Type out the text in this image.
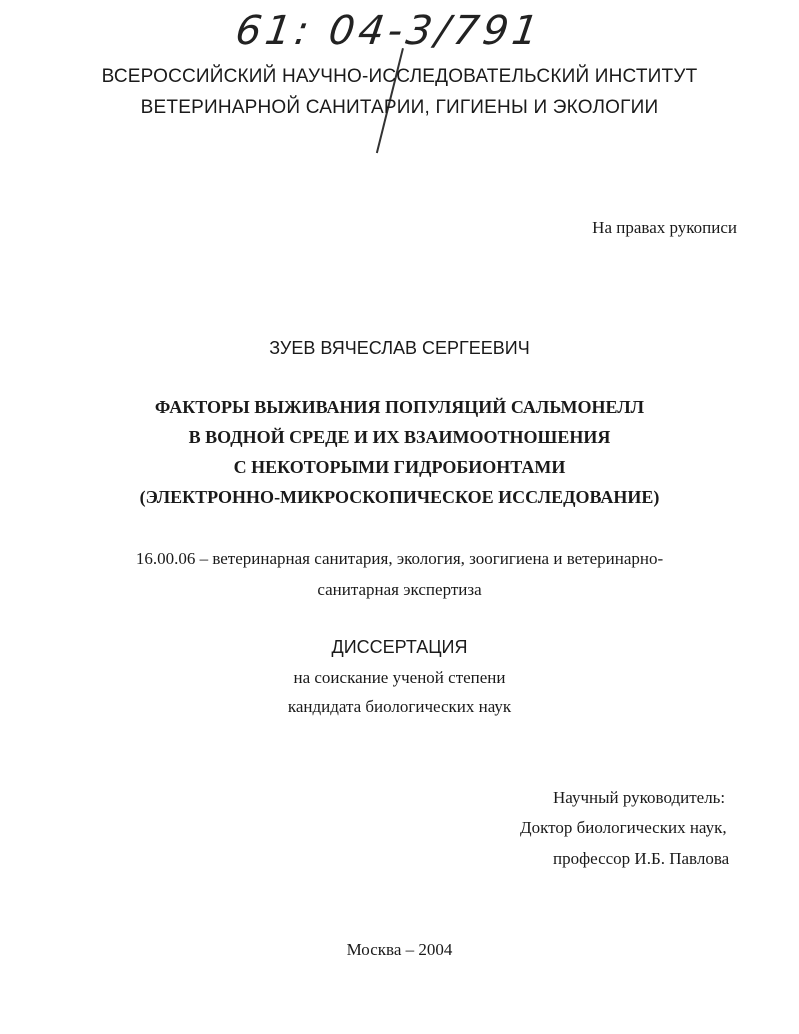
61: 04-3/791
ВСЕРОССИЙСКИЙ НАУЧНО-ИССЛЕДОВАТЕЛЬСКИЙ ИНСТИТУТ
ВЕТЕРИНАРНОЙ САНИТАРИИ, ГИГИЕНЫ И ЭКОЛОГИИ
На правах рукописи
ЗУЕВ ВЯЧЕСЛАВ СЕРГЕЕВИЧ
ФАКТОРЫ ВЫЖИВАНИЯ ПОПУЛЯЦИЙ САЛЬМОНЕЛЛ
В ВОДНОЙ СРЕДЕ И ИХ ВЗАИМООТНОШЕНИЯ
С НЕКОТОРЫМИ ГИДРОБИОНТАМИ
(ЭЛЕКТРОННО-МИКРОСКОПИЧЕСКОЕ ИССЛЕДОВАНИЕ)
16.00.06 – ветеринарная санитария, экология, зоогигиена и ветеринарно-
санитарная экспертиза
ДИССЕРТАЦИЯ
на соискание ученой степени
кандидата биологических наук
Научный руководитель:
Доктор биологических наук,
профессор И.Б. Павлова
Москва – 2004
